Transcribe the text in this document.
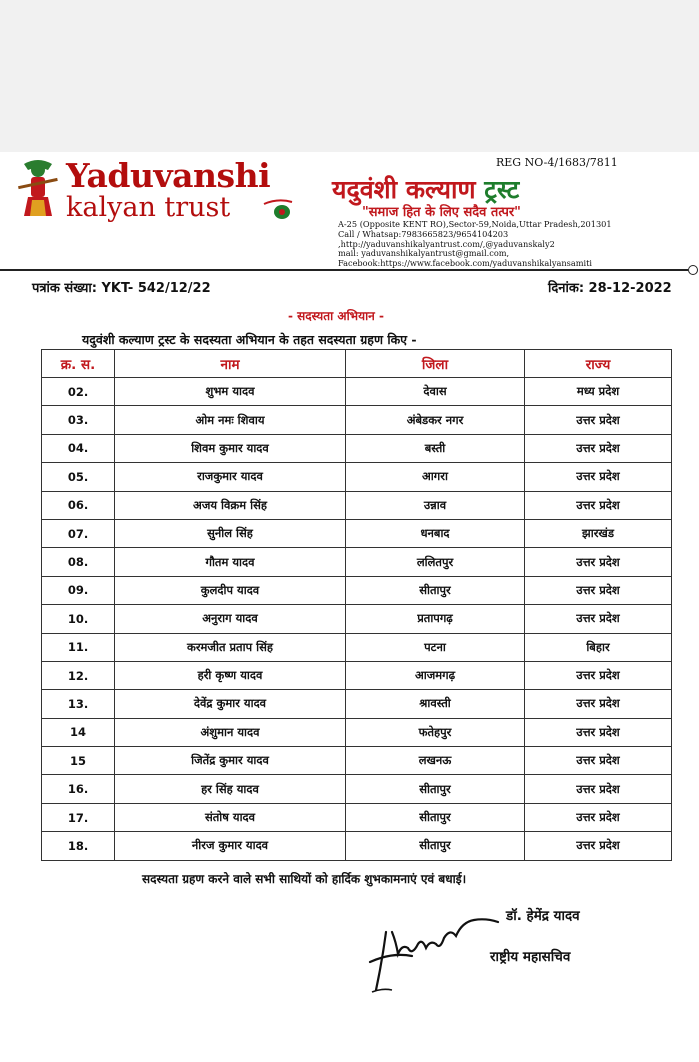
Yaduvanshi
kalyan trust
REG NO-4/1683/7811
यदुवंशी कल्याण ट्रस्ट
"समाज हित के लिए सदैव तत्पर"
A-25 (Opposite KENT RO),Sector-59,Noida,Uttar Pradesh,201301
Call / Whatsap:7983665823/9654104203
,http://yaduvanshikalyantrust.com/,@yaduvanskaly2
mail: yaduvanshikalyantrust@gmail.com,
Facebook:https://www.facebook.com/yaduvanshikalyansamiti
पत्रांक संख्या: YKT- 542/12/22	दिनांक: 28-12-2022
- सदस्यता अभियान -
यदुवंशी कल्याण ट्रस्ट के सदस्यता अभियान के तहत सदस्यता ग्रहण किए -
क्र. स.	नाम	जिला	राज्य
02.	शुभम यादव	देवास	मध्य प्रदेश
03.	ओम नमः शिवाय	अंबेडकर नगर	उत्तर प्रदेश
04.	शिवम कुमार यादव	बस्ती	उत्तर प्रदेश
05.	राजकुमार यादव	आगरा	उत्तर प्रदेश
06.	अजय विक्रम सिंह	उन्नाव	उत्तर प्रदेश
07.	सुनील सिंह	धनबाद	झारखंड
08.	गौतम यादव	ललितपुर	उत्तर प्रदेश
09.	कुलदीप यादव	सीतापुर	उत्तर प्रदेश
10.	अनुराग यादव	प्रतापगढ़	उत्तर प्रदेश
11.	करमजीत प्रताप सिंह	पटना	बिहार
12.	हरी कृष्ण यादव	आजमगढ़	उत्तर प्रदेश
13.	देवेंद्र कुमार यादव	श्रावस्ती	उत्तर प्रदेश
14	अंशुमान यादव	फतेहपुर	उत्तर प्रदेश
15	जितेंद्र कुमार यादव	लखनऊ	उत्तर प्रदेश
16.	हर सिंह यादव	सीतापुर	उत्तर प्रदेश
17.	संतोष यादव	सीतापुर	उत्तर प्रदेश
18.	नीरज कुमार यादव	सीतापुर	उत्तर प्रदेश
सदस्यता ग्रहण करने वाले सभी साथियों को हार्दिक शुभकामनाएं एवं बधाई।
डॉ. हेमेंद्र यादव
राष्ट्रीय महासचिव
